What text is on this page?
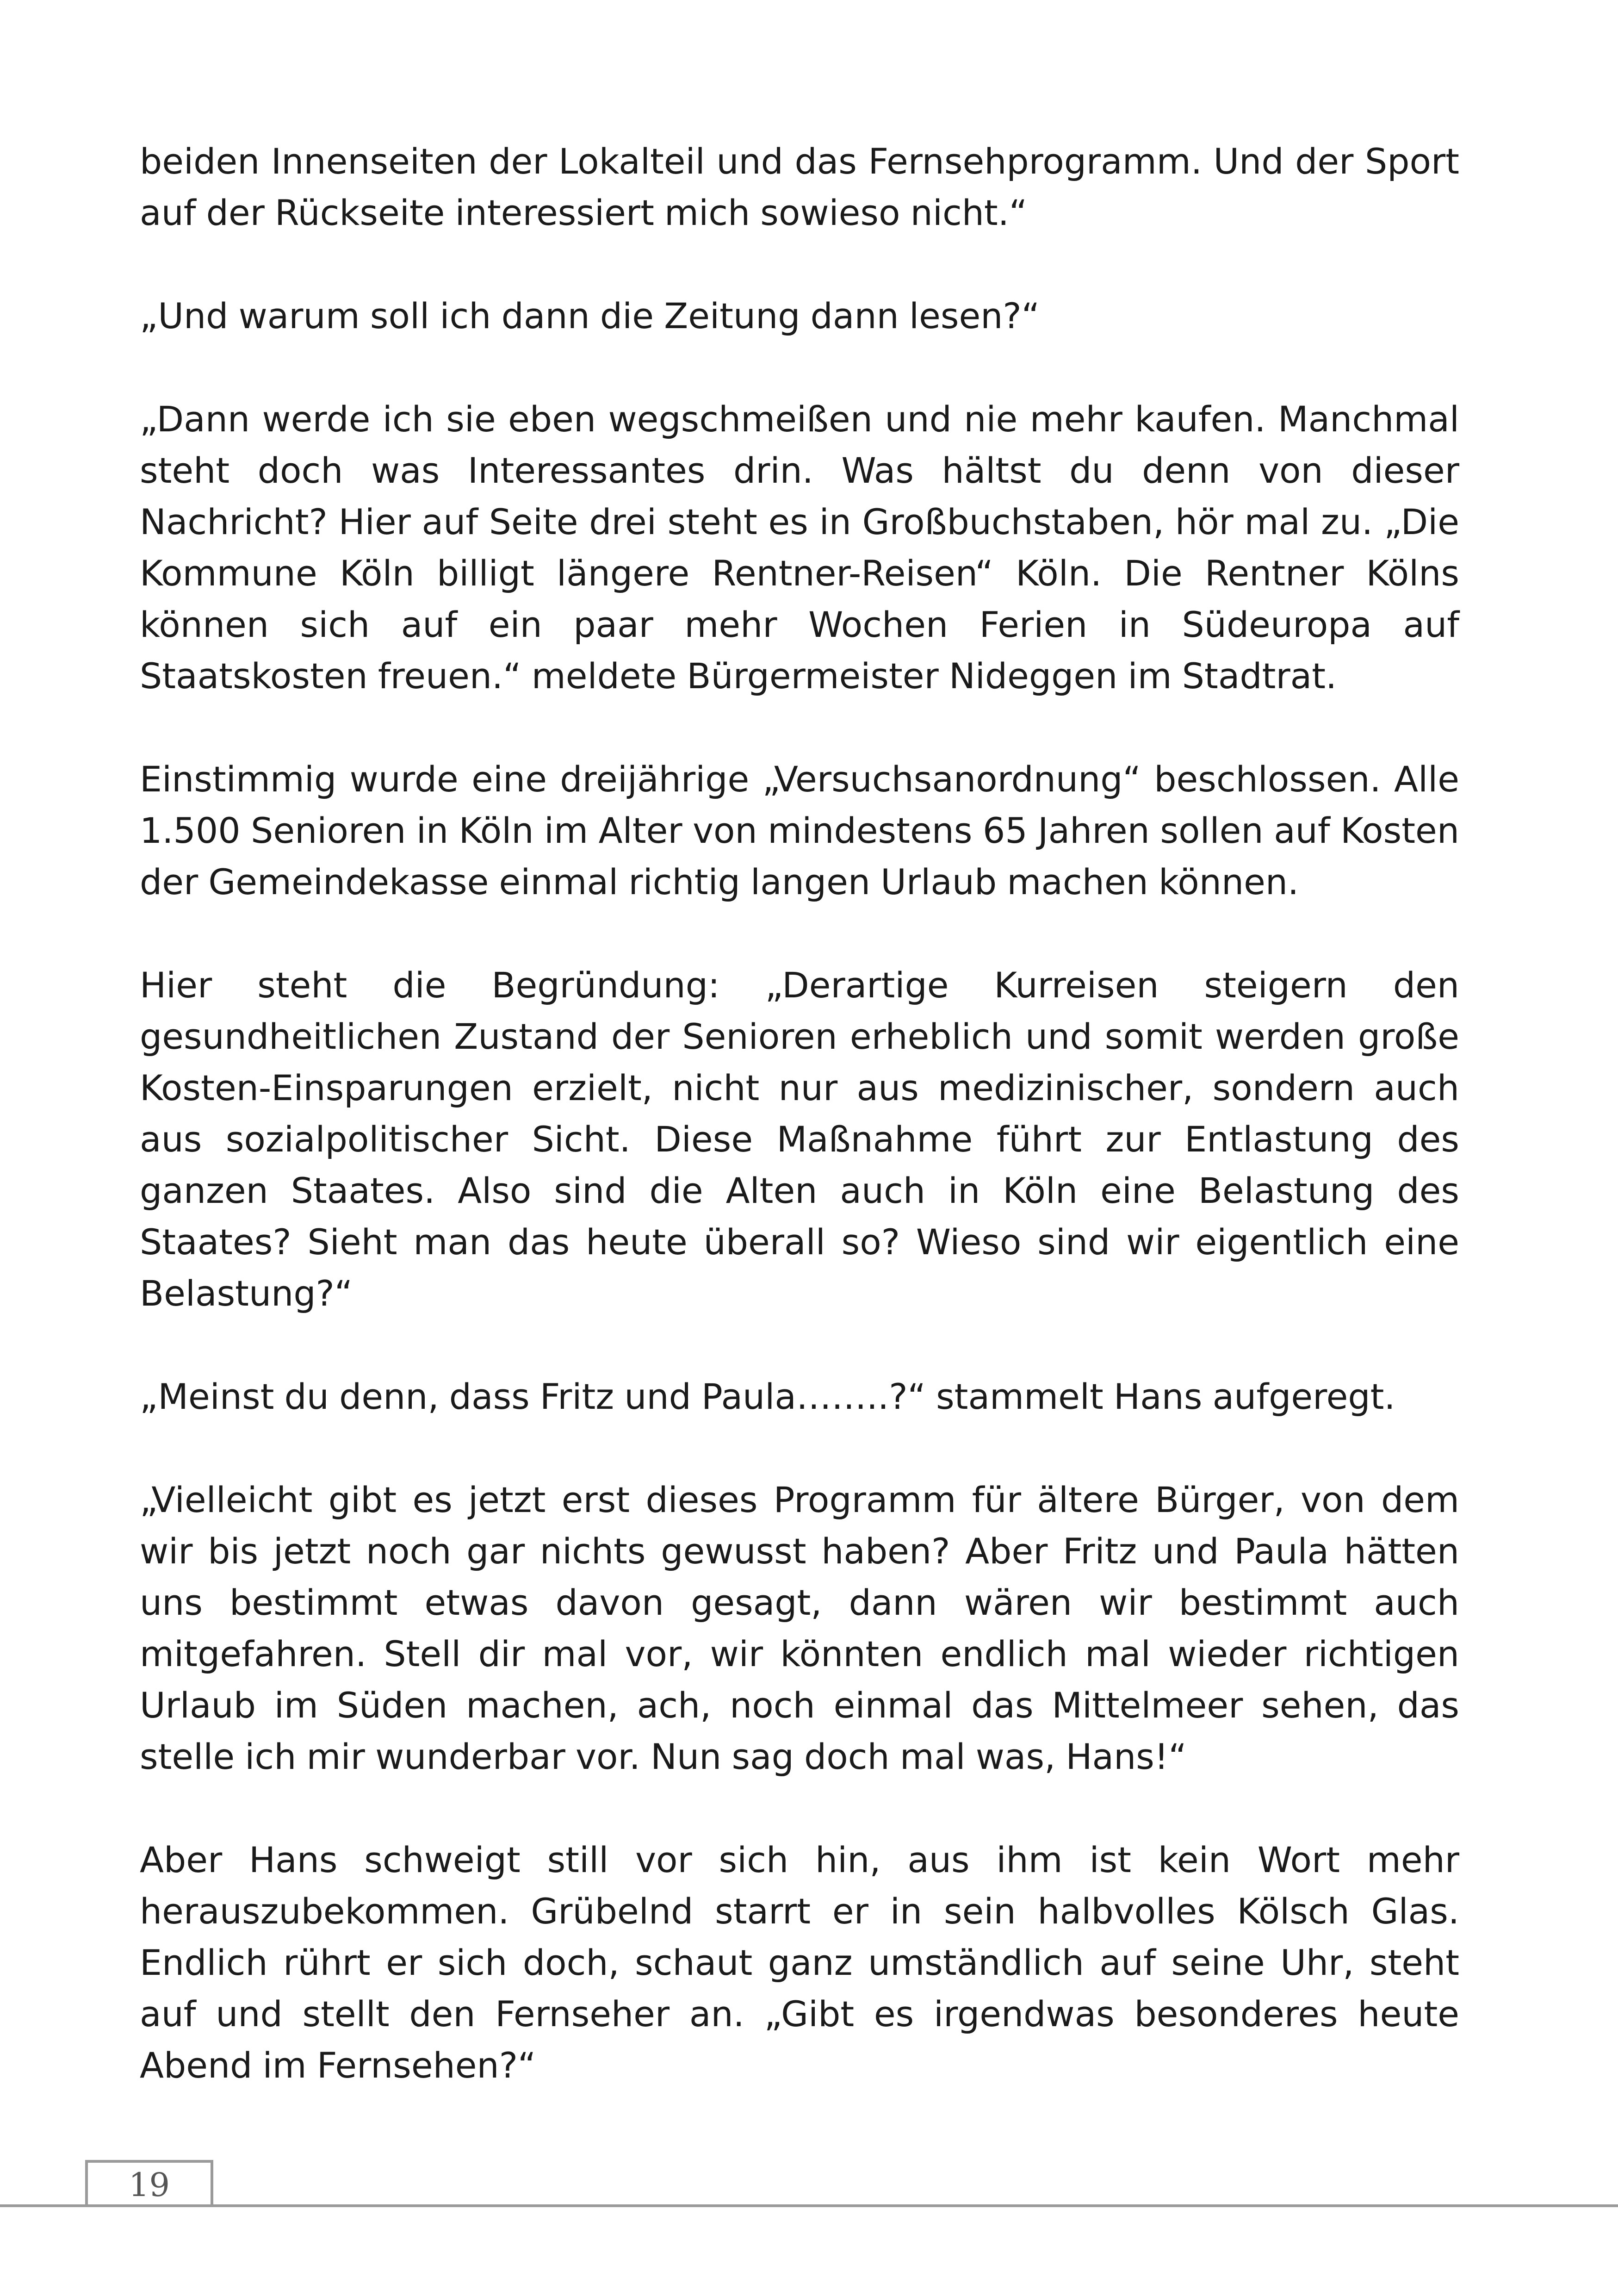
beiden Innenseiten der Lokalteil und das Fernsehprogramm. Und der Sport auf der Rückseite interessiert mich sowieso nicht.“

„Und warum soll ich dann die Zeitung dann lesen?“

„Dann werde ich sie eben wegschmeißen und nie mehr kaufen. Manchmal steht doch was Interessantes drin. Was hältst du denn von dieser Nachricht? Hier auf Seite drei steht es in Großbuchstaben, hör mal zu. „Die Kommune Köln billigt längere Rentner-Reisen“ Köln. Die Rentner Kölns können sich auf ein paar mehr Wochen Ferien in Südeuropa auf Staatskosten freuen.“ meldete Bürgermeister Nideggen im Stadtrat.

Einstimmig wurde eine dreijährige „Versuchsanordnung“ beschlossen. Alle 1.500 Senioren in Köln im Alter von mindestens 65 Jahren sollen auf Kosten der Gemeindekasse einmal richtig langen Urlaub machen können.

Hier steht die Begründung: „Derartige Kurreisen steigern den gesundheitlichen Zustand der Senioren erheblich und somit werden große Kosten-Einsparungen erzielt, nicht nur aus medizinischer, sondern auch aus sozialpolitischer Sicht. Diese Maßnahme führt zur Entlastung des ganzen Staates. Also sind die Alten auch in Köln eine Belastung des Staates? Sieht man das heute überall so? Wieso sind wir eigentlich eine Belastung?“

„Meinst du denn, dass Fritz und Paula……..?“ stammelt Hans aufgeregt.

„Vielleicht gibt es jetzt erst dieses Programm für ältere Bürger, von dem wir bis jetzt noch gar nichts gewusst haben? Aber Fritz und Paula hätten uns bestimmt etwas davon gesagt, dann wären wir bestimmt auch mitgefahren. Stell dir mal vor, wir könnten endlich mal wieder richtigen Urlaub im Süden machen, ach, noch einmal das Mittelmeer sehen, das stelle ich mir wunderbar vor. Nun sag doch mal was, Hans!“

Aber Hans schweigt still vor sich hin, aus ihm ist kein Wort mehr herauszubekommen. Grübelnd starrt er in sein halbvolles Kölsch Glas. Endlich rührt er sich doch, schaut ganz umständlich auf seine Uhr, steht auf und stellt den Fernseher an. „Gibt es irgendwas besonderes heute Abend im Fernsehen?“

19
